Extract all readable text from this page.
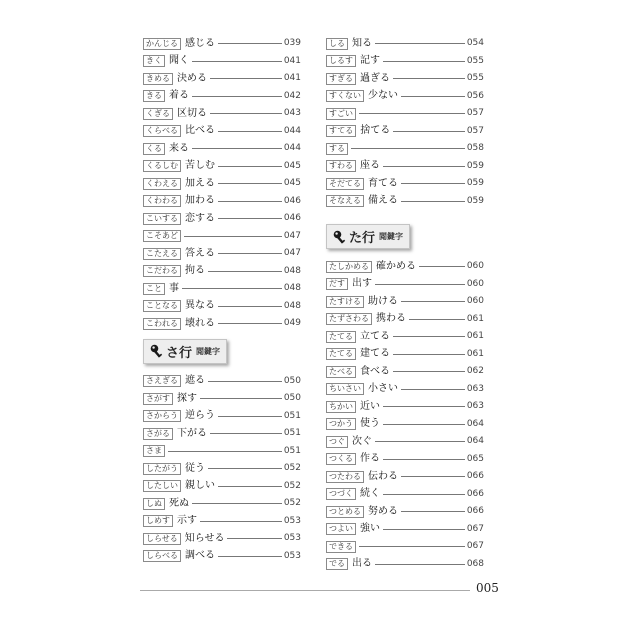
かんじる 感じる	039
きく 聞く	041
きめる 決める	041
きる 着る	042
くぎる 区切る	043
くらべる 比べる	044
くる 来る	044
くるしむ 苦しむ	045
くわえる 加える	045
くわわる 加わる	046
こいする 恋する	046
こそあど	047
こたえる 答える	047
こだわる 拘る	048
こと 事	048
ことなる 異なる	048
こわれる 壊れる	049
さ行 閲鍵字
さえぎる 遮る	050
さがす 探す	050
さからう 逆らう	051
さがる 下がる	051
さま	051
したがう 従う	052
したしい 親しい	052
しぬ 死ぬ	052
しめす 示す	053
しらせる 知らせる	053
しらべる 調べる	053
しる 知る	054
しるす 記す	055
すぎる 過ぎる	055
すくない 少ない	056
すごい	057
すてる 捨てる	057
する	058
すわる 座る	059
そだてる 育てる	059
そなえる 備える	059
た行 閲鍵字
たしかめる 確かめる	060
だす 出す	060
たすける 助ける	060
たずさわる 携わる	061
たてる 立てる	061
たてる 建てる	061
たべる 食べる	062
ちいさい 小さい	063
ちかい 近い	063
つかう 使う	064
つぐ 次ぐ	064
つくる 作る	065
つたわる 伝わる	066
つづく 続く	066
つとめる 努める	066
つよい 強い	067
できる	067
でる 出る	068
005
